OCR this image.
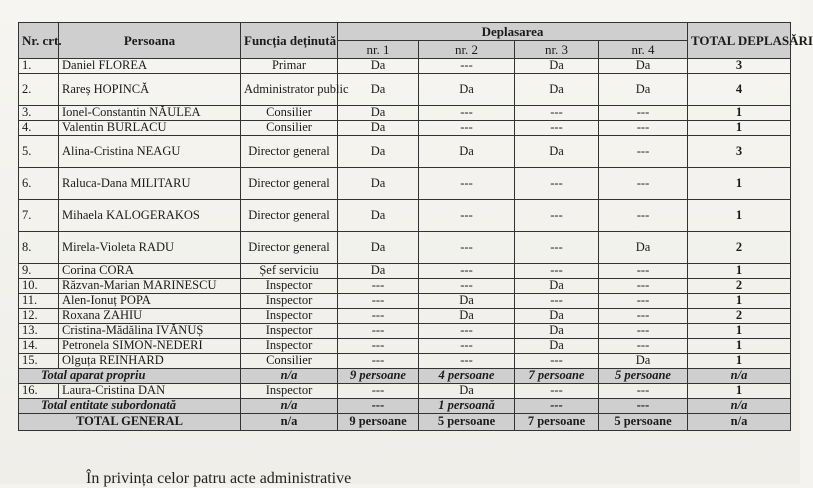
Nr. crt.	Persoana	Funcția deținută	Deplasarea				TOTAL DEPLASĂRI
			nr. 1	nr. 2	nr. 3	nr. 4	
1.	Daniel FLOREA	Primar	Da	---	Da	Da	3
2.	Rareș HOPINCĂ	Administrator public	Da	Da	Da	Da	4
3.	Ionel-Constantin NĂULEA	Consilier	Da	---	---	---	1
4.	Valentin BURLACU	Consilier	Da	---	---	---	1
5.	Alina-Cristina NEAGU	Director general	Da	Da	Da	---	3
6.	Raluca-Dana MILITARU	Director general	Da	---	---	---	1
7.	Mihaela KALOGERAKOS	Director general	Da	---	---	---	1
8.	Mirela-Violeta RADU	Director general	Da	---	---	Da	2
9.	Corina CORA	Șef serviciu	Da	---	---	---	1
10.	Răzvan-Marian MARINESCU	Inspector	---	---	Da	---	2
11.	Alen-Ionuț POPA	Inspector	---	Da	---	---	1
12.	Roxana ZAHIU	Inspector	---	Da	Da	---	2
13.	Cristina-Mădălina IVĂNUȘ	Inspector	---	---	Da	---	1
14.	Petronela SIMON-NEDERI	Inspector	---	---	Da	---	1
15.	Olguța REINHARD	Consilier	---	---	---	Da	1
Total aparat propriu		n/a	9 persoane	4 persoane	7 persoane	5 persoane	n/a
16.	Laura-Cristina DAN	Inspector	---	Da	---	---	1
Total entitate subordonată		n/a	---	1 persoană	---	---	n/a
TOTAL GENERAL		n/a	9 persoane	5 persoane	7 persoane	5 persoane	n/a
În privința celor patru acte administrative
